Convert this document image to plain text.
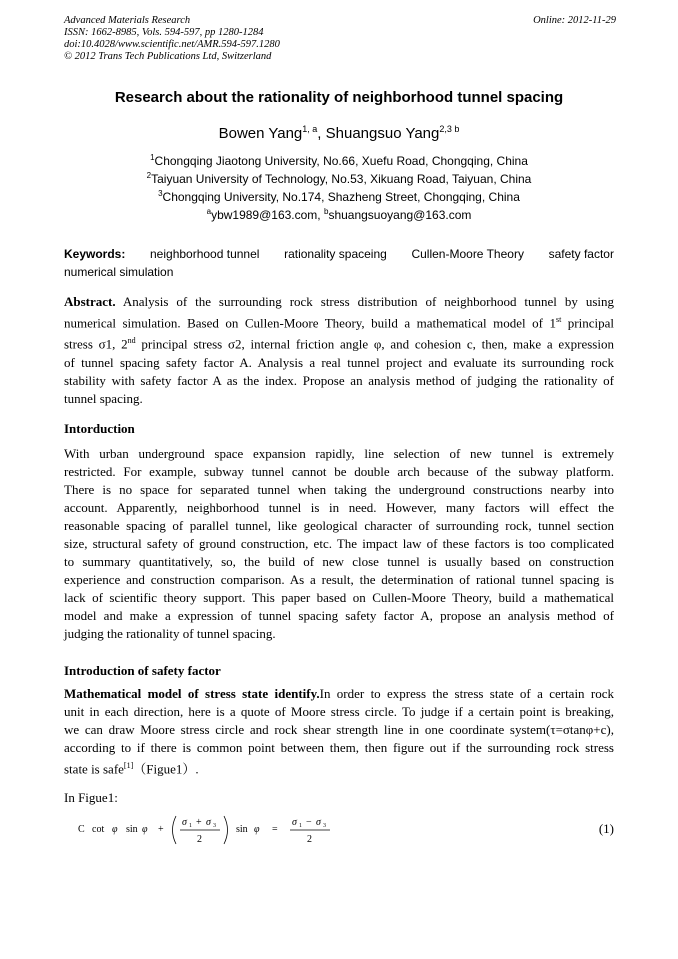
Advanced Materials Research
ISSN: 1662-8985, Vols. 594-597, pp 1280-1284
doi:10.4028/www.scientific.net/AMR.594-597.1280
© 2012 Trans Tech Publications Ltd, Switzerland
Online: 2012-11-29
Research about the rationality of neighborhood tunnel spacing
Bowen Yang$^{1, a}$, Shuangsuo Yang$^{2,3 b}$
$^1$Chongqing Jiaotong University, No.66, Xuefu Road, Chongqing, China
$^2$Taiyuan University of Technology, No.53, Xikuang Road, Taiyuan, China
$^3$Chongqing University, No.174, Shazheng Street, Chongqing, China
$^a$ybw1989@163.com, $^b$shuangsuoyang@163.com
Keywords: neighborhood tunnel rationality spaceing Cullen-Moore Theory safety factor
numerical simulation
Abstract. Analysis of the surrounding rock stress distribution of neighborhood tunnel by using
numerical simulation. Based on Cullen-Moore Theory, build a mathematical model of 1st principal
stress σ1, 2nd principal stress σ2, internal friction angle φ, and cohesion c, then, make a expression
of tunnel spacing safety factor A. Analysis a real tunnel project and evaluate its surrounding rock
stability with safety factor A as the index. Propose an analysis method of judging the rationality of
tunnel spacing.
Intorduction
With urban underground space expansion rapidly, line selection of new tunnel is extremely
restricted. For example, subway tunnel cannot be double arch because of the subway platform.
There is no space for separated tunnel when taking the underground constructions nearby into
account. Apparently, neighborhood tunnel is in need. However, many factors will effect the
reasonable spacing of parallel tunnel, like geological character of surrounding rock, tunnel section
size, structural safety of ground construction, etc. The impact law of these factors is too complicated
to summary quantitatively, so, the build of new close tunnel is usually based on construction
experience and construction comparison. As a result, the determination of rational tunnel spacing is
lack of scientific theory support. This paper based on Cullen-Moore Theory, build a mathematical
model and make a expression of tunnel spacing safety factor A, propose an analysis method of
judging the rationality of tunnel spacing.
Introduction of safety factor
Mathematical model of stress state identify.In order to express the stress state of a certain rock
unit in each direction, here is a quote of Moore stress circle. To judge if a certain point is breaking,
we can draw Moore stress circle and rock shear strength line in one coordinate system(τ=σtanφ+c),
according to if there is common point between them, then figure out if the surrounding rock stress
state is safe[1]（Figue1）.
In Figue1:
C cot φ sin φ +
σ 1 + σ 3
2
sin φ =
σ 1 − σ 3
2
(1)
